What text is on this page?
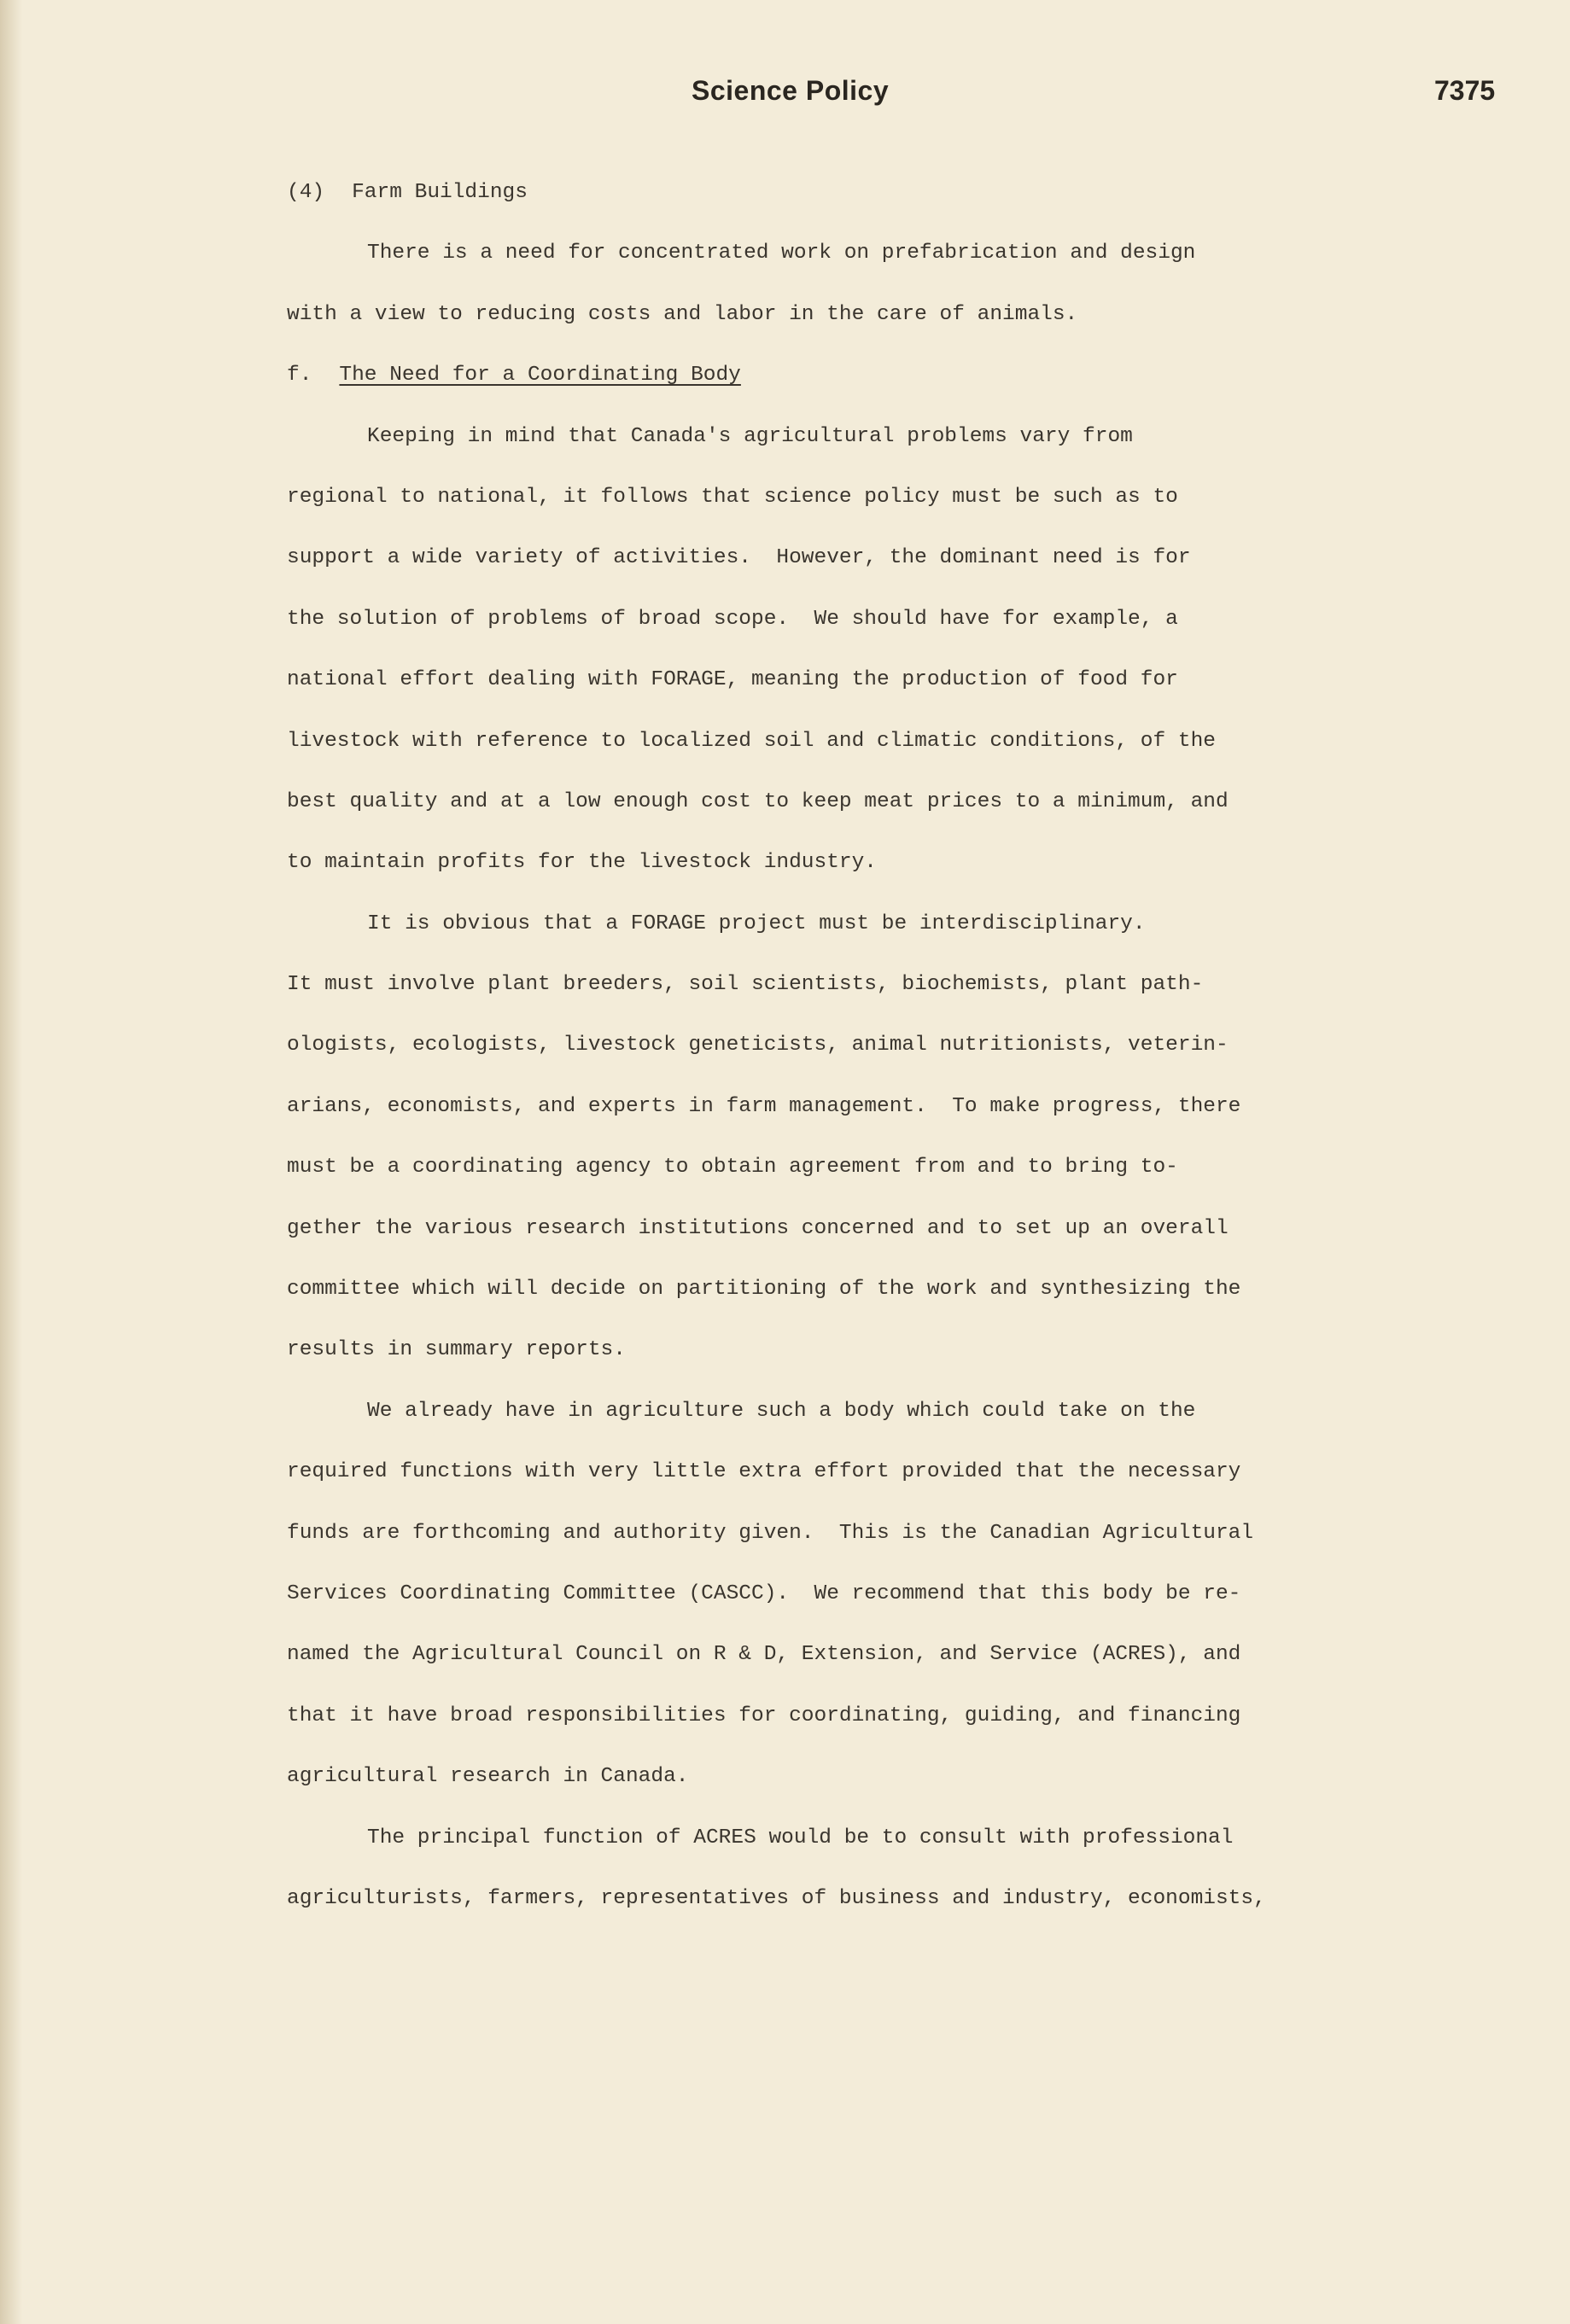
Science Policy	7375
(4) Farm Buildings
There is a need for concentrated work on prefabrication and design
with a view to reducing costs and labor in the care of animals.
f. The Need for a Coordinating Body
Keeping in mind that Canada's agricultural problems vary from
regional to national, it follows that science policy must be such as to
support a wide variety of activities.  However, the dominant need is for
the solution of problems of broad scope.  We should have for example, a
national effort dealing with FORAGE, meaning the production of food for
livestock with reference to localized soil and climatic conditions, of the
best quality and at a low enough cost to keep meat prices to a minimum, and
to maintain profits for the livestock industry.
It is obvious that a FORAGE project must be interdisciplinary.
It must involve plant breeders, soil scientists, biochemists, plant path-
ologists, ecologists, livestock geneticists, animal nutritionists, veterin-
arians, economists, and experts in farm management.  To make progress, there
must be a coordinating agency to obtain agreement from and to bring to-
gether the various research institutions concerned and to set up an overall
committee which will decide on partitioning of the work and synthesizing the
results in summary reports.
We already have in agriculture such a body which could take on the
required functions with very little extra effort provided that the necessary
funds are forthcoming and authority given.  This is the Canadian Agricultural
Services Coordinating Committee (CASCC).  We recommend that this body be re-
named the Agricultural Council on R & D, Extension, and Service (ACRES), and
that it have broad responsibilities for coordinating, guiding, and financing
agricultural research in Canada.
The principal function of ACRES would be to consult with professional
agriculturists, farmers, representatives of business and industry, economists,
